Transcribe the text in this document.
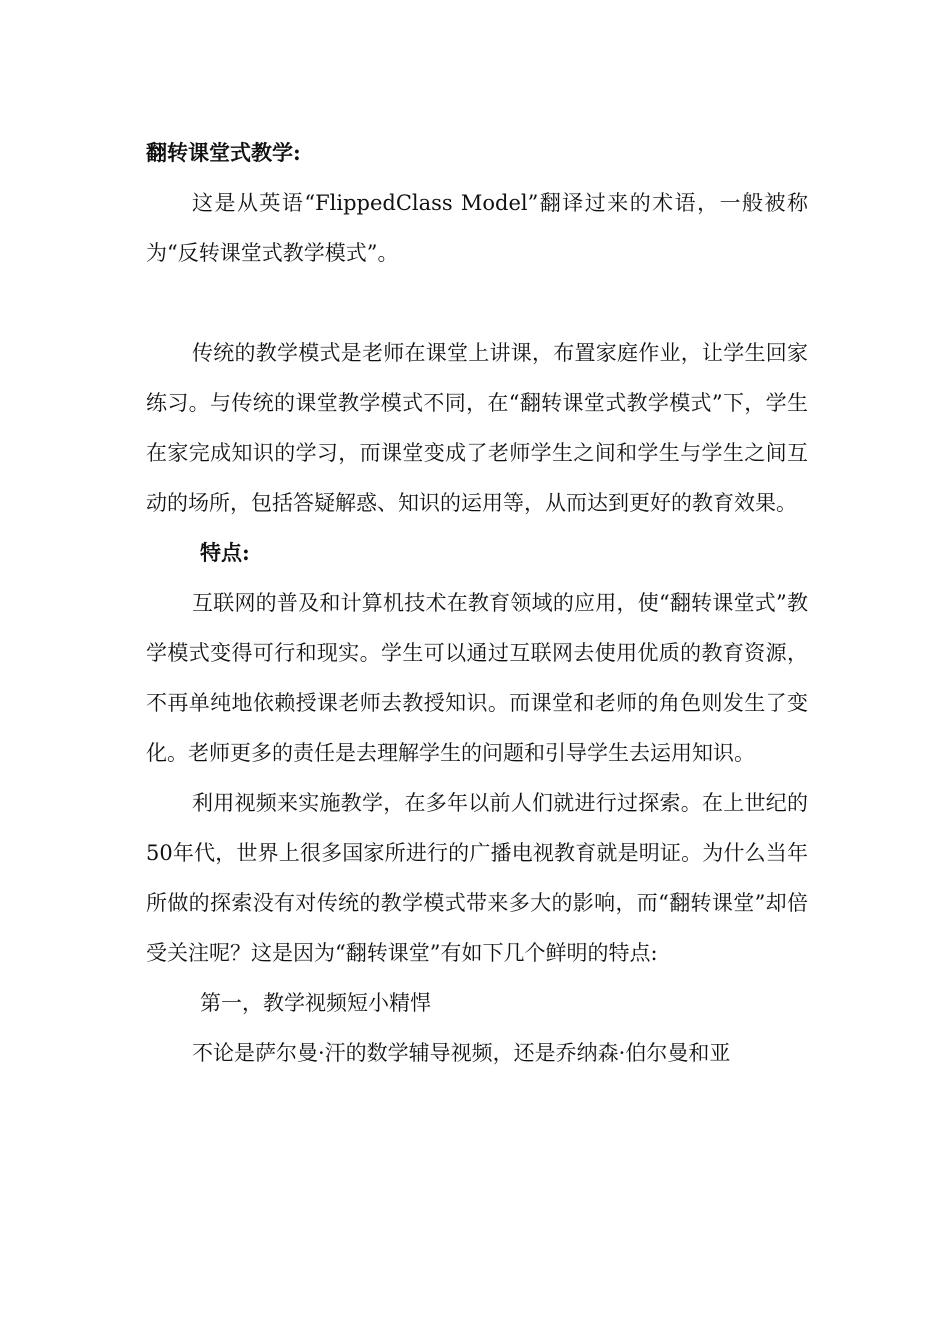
翻转课堂式教学:

这是从英语“FlippedClass Model”翻译过来的术语，一般被称为“反转课堂式教学模式”。

传统的教学模式是老师在课堂上讲课，布置家庭作业，让学生回家练习。与传统的课堂教学模式不同，在“翻转课堂式教学模式”下，学生在家完成知识的学习，而课堂变成了老师学生之间和学生与学生之间互动的场所，包括答疑解惑、知识的运用等，从而达到更好的教育效果。

特点:

互联网的普及和计算机技术在教育领域的应用，使“翻转课堂式”教学模式变得可行和现实。学生可以通过互联网去使用优质的教育资源，不再单纯地依赖授课老师去教授知识。而课堂和老师的角色则发生了变化。老师更多的责任是去理解学生的问题和引导学生去运用知识。

利用视频来实施教学，在多年以前人们就进行过探索。在上世纪的50年代，世界上很多国家所进行的广播电视教育就是明证。为什么当年所做的探索没有对传统的教学模式带来多大的影响，而“翻转课堂”却倍受关注呢？这是因为“翻转课堂”有如下几个鲜明的特点:

第一，教学视频短小精悍

不论是萨尔曼·汗的数学辅导视频，还是乔纳森·伯尔曼和亚
